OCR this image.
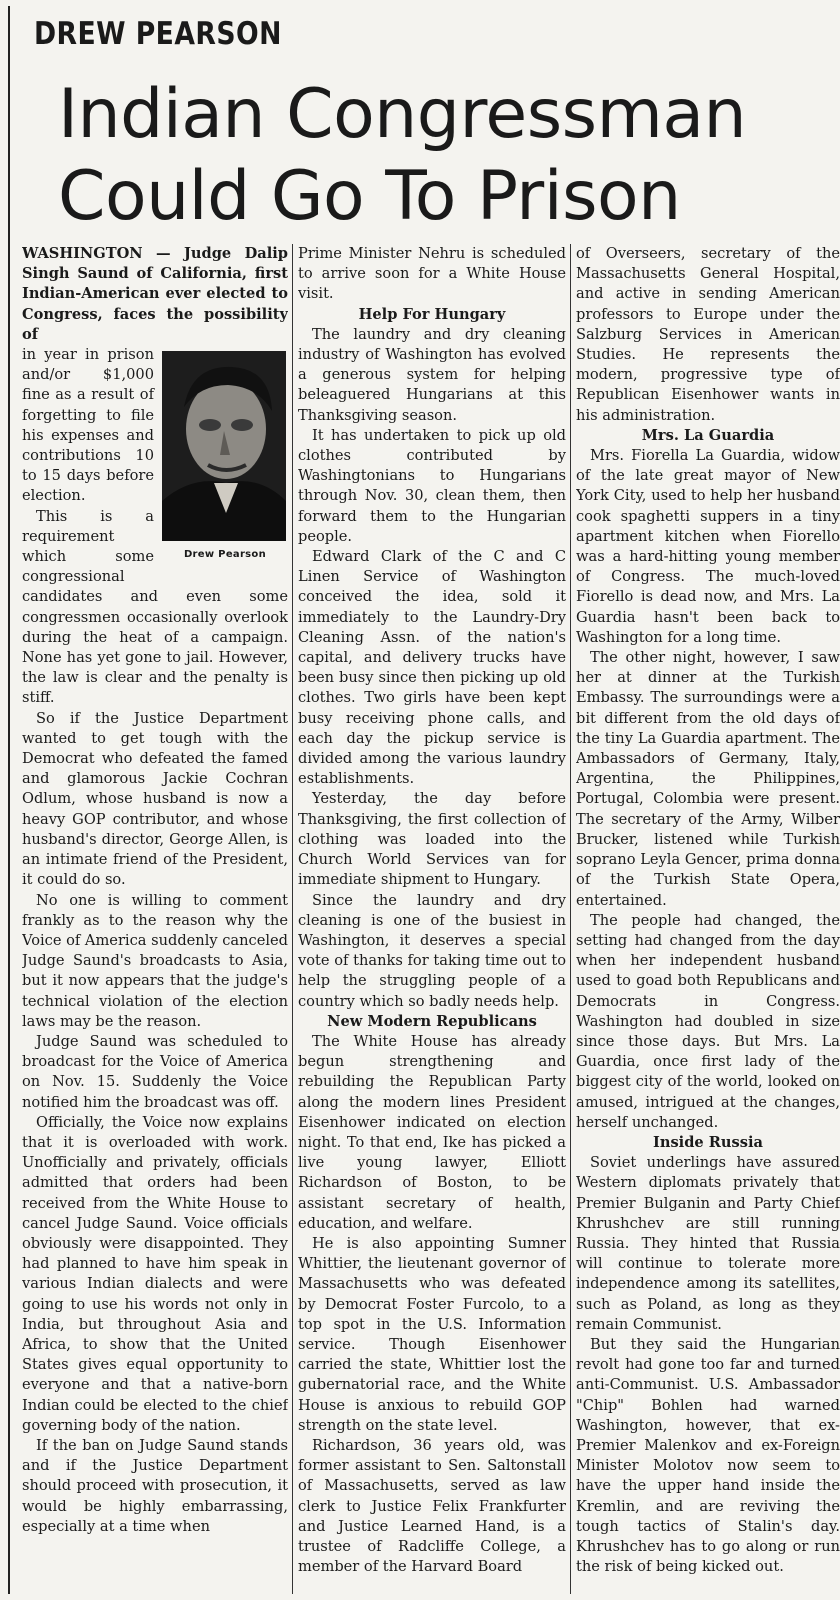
DREW PEARSON
Indian Congressman
Could Go To Prison

WASHINGTON — Judge Dalip Singh Saund of California, first Indian-American ever elected to Congress, faces the possibility of

Drew Pearson

in year in prison and/or $1,000 fine as a result of forgetting to file his expenses and contributions 10 to 15 days before election.

This is a requirement which some congressional candidates and even some congressmen occasionally overlook during the heat of a campaign. None has yet gone to jail. However, the law is clear and the penalty is stiff.

So if the Justice Department wanted to get tough with the Democrat who defeated the famed and glamorous Jackie Cochran Odlum, whose husband is now a heavy GOP contributor, and whose husband's director, George Allen, is an intimate friend of the President, it could do so.

No one is willing to comment frankly as to the reason why the Voice of America suddenly canceled Judge Saund's broadcasts to Asia, but it now appears that the judge's technical violation of the election laws may be the reason.

Judge Saund was scheduled to broadcast for the Voice of America on Nov. 15. Suddenly the Voice notified him the broadcast was off.

Officially, the Voice now explains that it is overloaded with work. Unofficially and privately, officials admitted that orders had been received from the White House to cancel Judge Saund. Voice officials obviously were disappointed. They had planned to have him speak in various Indian dialects and were going to use his words not only in India, but throughout Asia and Africa, to show that the United States gives equal opportunity to everyone and that a native-born Indian could be elected to the chief governing body of the nation.

If the ban on Judge Saund stands and if the Justice Department should proceed with prosecution, it would be highly embarrassing, especially at a time when

Prime Minister Nehru is scheduled to arrive soon for a White House visit.

Help For Hungary

The laundry and dry cleaning industry of Washington has evolved a generous system for helping beleaguered Hungarians at this Thanksgiving season.

It has undertaken to pick up old clothes contributed by Washingtonians to Hungarians through Nov. 30, clean them, then forward them to the Hungarian people.

Edward Clark of the C and C Linen Service of Washington conceived the idea, sold it immediately to the Laundry-Dry Cleaning Assn. of the nation's capital, and delivery trucks have been busy since then picking up old clothes. Two girls have been kept busy receiving phone calls, and each day the pickup service is divided among the various laundry establishments.

Yesterday, the day before Thanksgiving, the first collection of clothing was loaded into the Church World Services van for immediate shipment to Hungary.

Since the laundry and dry cleaning is one of the busiest in Washington, it deserves a special vote of thanks for taking time out to help the struggling people of a country which so badly needs help.

New Modern Republicans

The White House has already begun strengthening and rebuilding the Republican Party along the modern lines President Eisenhower indicated on election night. To that end, Ike has picked a live young lawyer, Elliott Richardson of Boston, to be assistant secretary of health, education, and welfare.

He is also appointing Sumner Whittier, the lieutenant governor of Massachusetts who was defeated by Democrat Foster Furcolo, to a top spot in the U.S. Information service. Though Eisenhower carried the state, Whittier lost the gubernatorial race, and the White House is anxious to rebuild GOP strength on the state level.

Richardson, 36 years old, was former assistant to Sen. Saltonstall of Massachusetts, served as law clerk to Justice Felix Frankfurter and Justice Learned Hand, is a trustee of Radcliffe College, a member of the Harvard Board

of Overseers, secretary of the Massachusetts General Hospital, and active in sending American professors to Europe under the Salzburg Services in American Studies. He represents the modern, progressive type of Republican Eisenhower wants in his administration.

Mrs. La Guardia

Mrs. Fiorella La Guardia, widow of the late great mayor of New York City, used to help her husband cook spaghetti suppers in a tiny apartment kitchen when Fiorello was a hard-hitting young member of Congress. The much-loved Fiorello is dead now, and Mrs. La Guardia hasn't been back to Washington for a long time.

The other night, however, I saw her at dinner at the Turkish Embassy. The surroundings were a bit different from the old days of the tiny La Guardia apartment. The Ambassadors of Germany, Italy, Argentina, the Philippines, Portugal, Colombia were present. The secretary of the Army, Wilber Brucker, listened while Turkish soprano Leyla Gencer, prima donna of the Turkish State Opera, entertained.

The people had changed, the setting had changed from the day when her independent husband used to goad both Republicans and Democrats in Congress. Washington had doubled in size since those days. But Mrs. La Guardia, once first lady of the biggest city of the world, looked on amused, intrigued at the changes, herself unchanged.

Inside Russia

Soviet underlings have assured Western diplomats privately that Premier Bulganin and Party Chief Khrushchev are still running Russia. They hinted that Russia will continue to tolerate more independence among its satellites, such as Poland, as long as they remain Communist.

But they said the Hungarian revolt had gone too far and turned anti-Communist. U.S. Ambassador "Chip" Bohlen had warned Washington, however, that ex-Premier Malenkov and ex-Foreign Minister Molotov now seem to have the upper hand inside the Kremlin, and are reviving the tough tactics of Stalin's day. Khrushchev has to go along or run the risk of being kicked out.
